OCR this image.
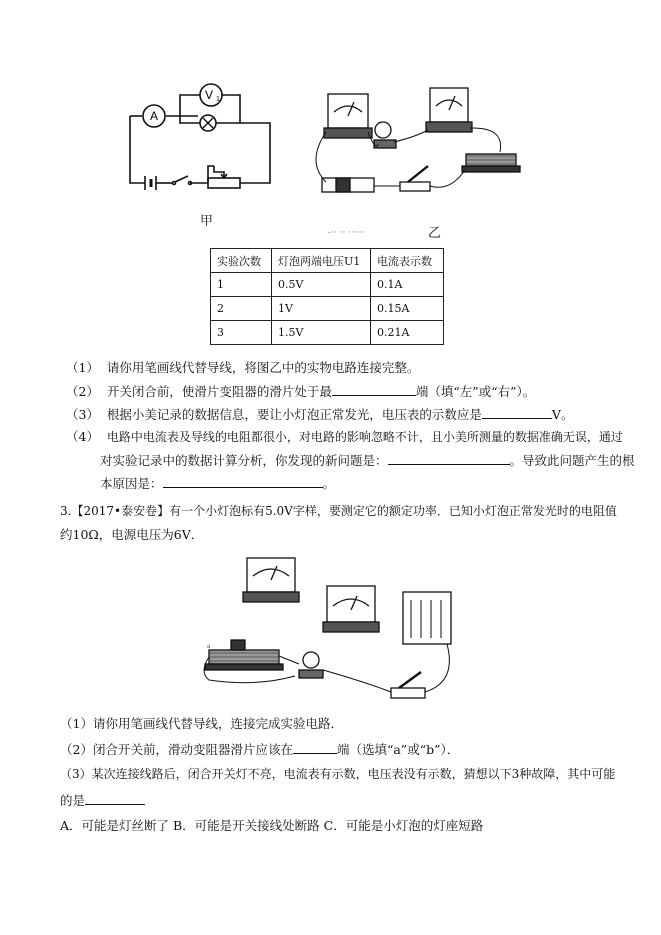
A
V 1
甲
-·· ·· ······	乙
实验次数	灯泡两端电压U1	电流表示数
1	0.5V	0.1A
2	1V	0.15A
3	1.5V	0.21A
（1） 请你用笔画线代替导线，将图乙中的实物电路连接完整。
（2） 开关闭合前，使滑片变阻器的滑片处于最	端（填“左”或“右”）。
（3） 根据小美记录的数据信息，要让小灯泡正常发光，电压表的示数应是	V。
（4） 电路中电流表及导线的电阻都很小，对电路的影响忽略不计，且小美所测量的数据准确无误，通过
对实验记录中的数据计算分析，你发现的新问题是：	。导致此问题产生的根
本原因是：	。
3.【2017•泰安卷】有一个小灯泡标有5.0V字样，要测定它的额定功率．已知小灯泡正常发光时的电阻值
约10Ω，电源电压为6V．
a
（1）请你用笔画线代替导线，连接完成实验电路．
（2）闭合开关前，滑动变阻器滑片应该在	端（选填“a”或“b”）．
（3）某次连接线路后，闭合开关灯不亮，电流表有示数，电压表没有示数，猜想以下3种故障，其中可能
的是
A．可能是灯丝断了 B．可能是开关接线处断路 C．可能是小灯泡的灯座短路
